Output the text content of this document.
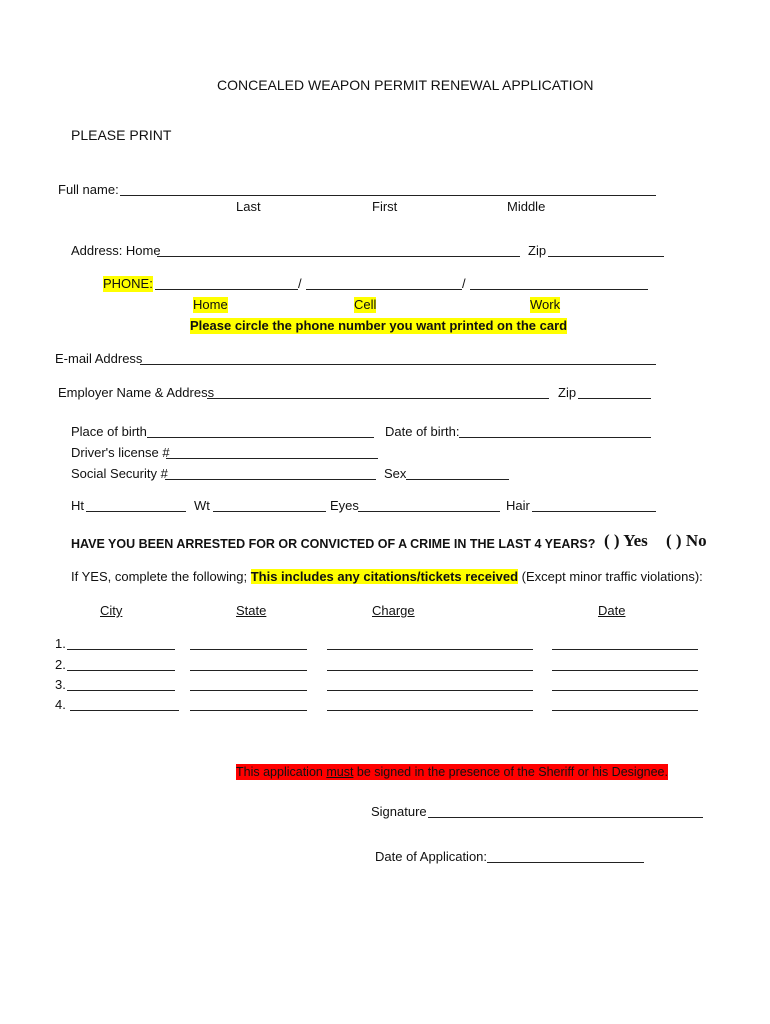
CONCEALED WEAPON PERMIT RENEWAL APPLICATION
PLEASE PRINT
Full name:
Last	First	Middle
Address: Home	Zip
PHONE:	/	/
Home	Cell	Work
Please circle the phone number you want printed on the card
E-mail Address
Employer Name & Address	Zip
Place of birth	Date of birth:
Driver's license #
Social Security #	Sex
Ht	Wt	Eyes	Hair
HAVE YOU BEEN ARRESTED FOR OR CONVICTED OF A CRIME IN THE LAST 4 YEARS? ( ) Yes ( ) No
If YES, complete the following; This includes any citations/tickets received (Except minor traffic violations):
City	State	Charge	Date
1.
2.
3.
4.
This application must be signed in the presence of the Sheriff or his Designee.
Signature
Date of Application:
